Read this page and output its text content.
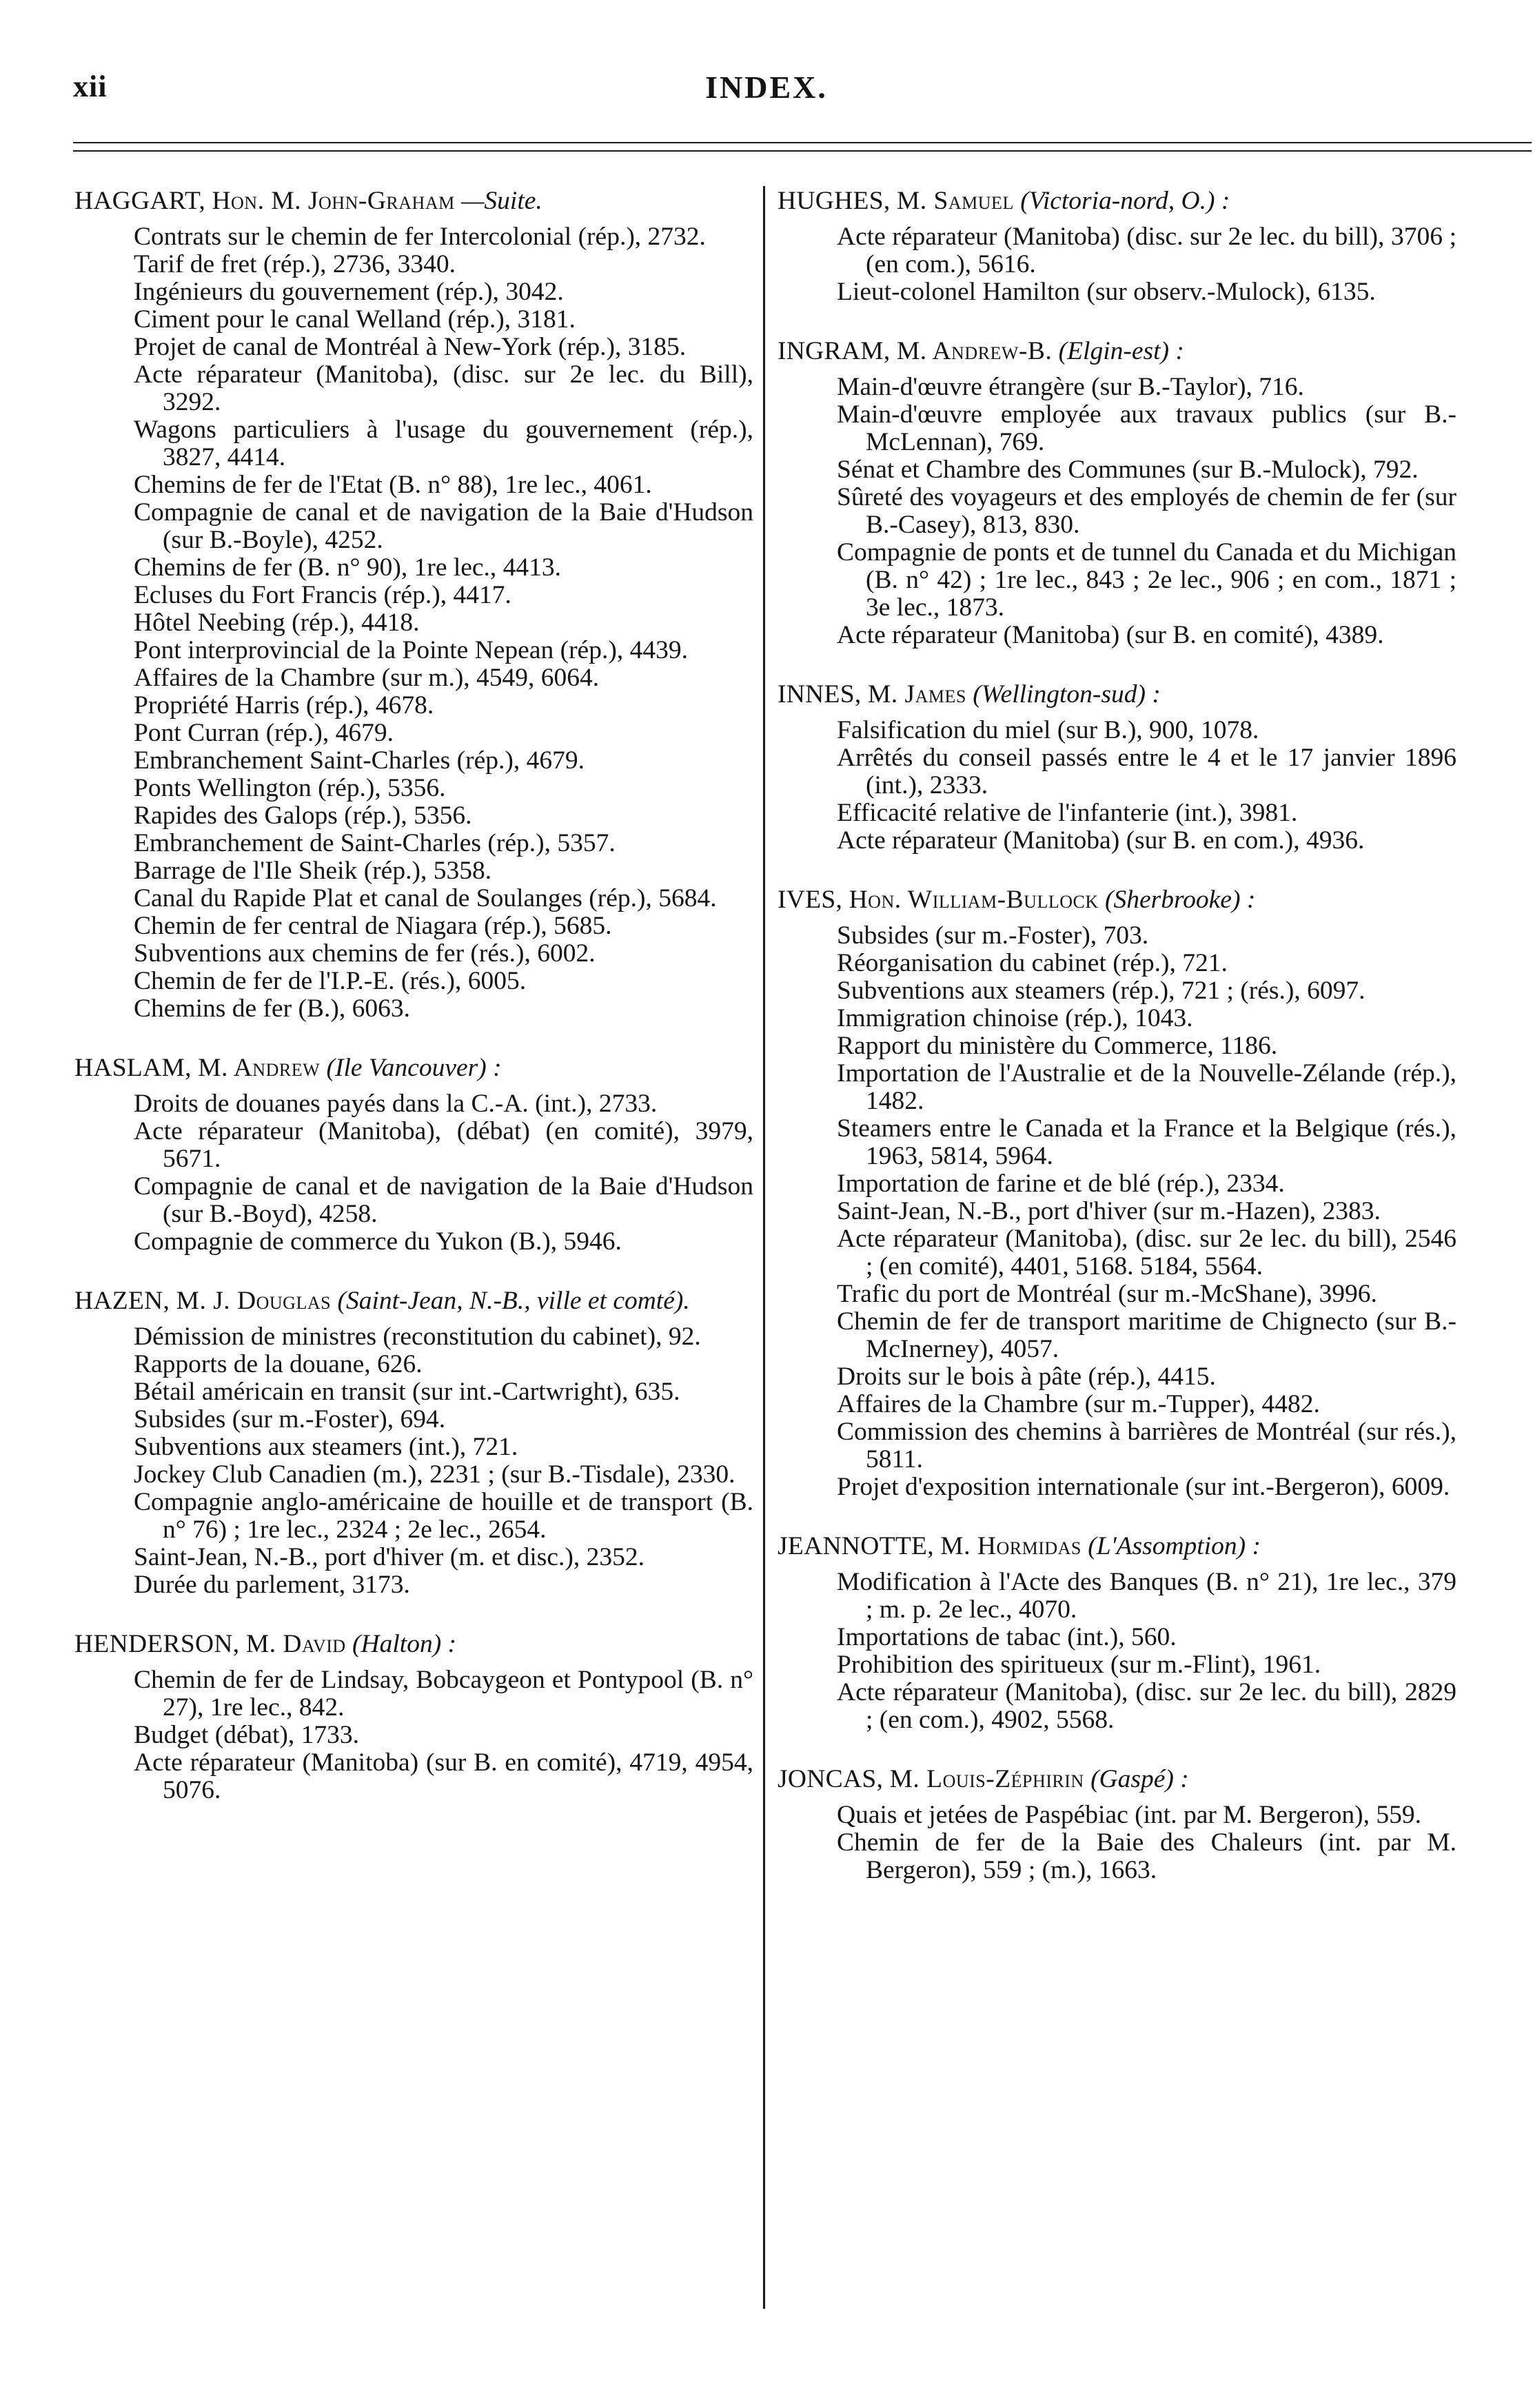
xii	INDEX.
HAGGART, Hon. M. John-Graham —Suite.
Contrats sur le chemin de fer Intercolonial (rép.), 2732.
Tarif de fret (rép.), 2736, 3340.
Ingénieurs du gouvernement (rép.), 3042.
Ciment pour le canal Welland (rép.), 3181.
Projet de canal de Montréal à New-York (rép.), 3185.
Acte réparateur (Manitoba), (disc. sur 2e lec. du Bill), 3292.
Wagons particuliers à l'usage du gouvernement (rép.), 3827, 4414.
Chemins de fer de l'Etat (B. n° 88), 1re lec., 4061.
Compagnie de canal et de navigation de la Baie d'Hudson (sur B.-Boyle), 4252.
Chemins de fer (B. n° 90), 1re lec., 4413.
Ecluses du Fort Francis (rép.), 4417.
Hôtel Neebing (rép.), 4418.
Pont interprovincial de la Pointe Nepean (rép.), 4439.
Affaires de la Chambre (sur m.), 4549, 6064.
Propriété Harris (rép.), 4678.
Pont Curran (rép.), 4679.
Embranchement Saint-Charles (rép.), 4679.
Ponts Wellington (rép.), 5356.
Rapides des Galops (rép.), 5356.
Embranchement de Saint-Charles (rép.), 5357.
Barrage de l'Ile Sheik (rép.), 5358.
Canal du Rapide Plat et canal de Soulanges (rép.), 5684.
Chemin de fer central de Niagara (rép.), 5685.
Subventions aux chemins de fer (rés.), 6002.
Chemin de fer de l'I.P.-E. (rés.), 6005.
Chemins de fer (B.), 6063.
HASLAM, M. Andrew (Ile Vancouver) :
Droits de douanes payés dans la C.-A. (int.), 2733.
Acte réparateur (Manitoba), (débat) (en comité), 3979, 5671.
Compagnie de canal et de navigation de la Baie d'Hudson (sur B.-Boyd), 4258.
Compagnie de commerce du Yukon (B.), 5946.
HAZEN, M. J. Douglas (Saint-Jean, N.-B., ville et comté).
Démission de ministres (reconstitution du cabinet), 92.
Rapports de la douane, 626.
Bétail américain en transit (sur int.-Cartwright), 635.
Subsides (sur m.-Foster), 694.
Subventions aux steamers (int.), 721.
Jockey Club Canadien (m.), 2231 ; (sur B.-Tisdale), 2330.
Compagnie anglo-américaine de houille et de transport (B. n° 76) ; 1re lec., 2324 ; 2e lec., 2654.
Saint-Jean, N.-B., port d'hiver (m. et disc.), 2352.
Durée du parlement, 3173.
HENDERSON, M. David (Halton) :
Chemin de fer de Lindsay, Bobcaygeon et Pontypool (B. n° 27), 1re lec., 842.
Budget (débat), 1733.
Acte réparateur (Manitoba) (sur B. en comité), 4719, 4954, 5076.
HUGHES, M. Samuel (Victoria-nord, O.) :
Acte réparateur (Manitoba) (disc. sur 2e lec. du bill), 3706 ; (en com.), 5616.
Lieut-colonel Hamilton (sur observ.-Mulock), 6135.
INGRAM, M. Andrew-B. (Elgin-est) :
Main-d'œuvre étrangère (sur B.-Taylor), 716.
Main-d'œuvre employée aux travaux publics (sur B.-McLennan), 769.
Sénat et Chambre des Communes (sur B.-Mulock), 792.
Sûreté des voyageurs et des employés de chemin de fer (sur B.-Casey), 813, 830.
Compagnie de ponts et de tunnel du Canada et du Michigan (B. n° 42) ; 1re lec., 843 ; 2e lec., 906 ; en com., 1871 ; 3e lec., 1873.
Acte réparateur (Manitoba) (sur B. en comité), 4389.
INNES, M. James (Wellington-sud) :
Falsification du miel (sur B.), 900, 1078.
Arrêtés du conseil passés entre le 4 et le 17 janvier 1896 (int.), 2333.
Efficacité relative de l'infanterie (int.), 3981.
Acte réparateur (Manitoba) (sur B. en com.), 4936.
IVES, Hon. William-Bullock (Sherbrooke) :
Subsides (sur m.-Foster), 703.
Réorganisation du cabinet (rép.), 721.
Subventions aux steamers (rép.), 721 ; (rés.), 6097.
Immigration chinoise (rép.), 1043.
Rapport du ministère du Commerce, 1186.
Importation de l'Australie et de la Nouvelle-Zélande (rép.), 1482.
Steamers entre le Canada et la France et la Belgique (rés.), 1963, 5814, 5964.
Importation de farine et de blé (rép.), 2334.
Saint-Jean, N.-B., port d'hiver (sur m.-Hazen), 2383.
Acte réparateur (Manitoba), (disc. sur 2e lec. du bill), 2546 ; (en comité), 4401, 5168. 5184, 5564.
Trafic du port de Montréal (sur m.-McShane), 3996.
Chemin de fer de transport maritime de Chignecto (sur B.-McInerney), 4057.
Droits sur le bois à pâte (rép.), 4415.
Affaires de la Chambre (sur m.-Tupper), 4482.
Commission des chemins à barrières de Montréal (sur rés.), 5811.
Projet d'exposition internationale (sur int.-Bergeron), 6009.
JEANNOTTE, M. Hormidas (L'Assomption) :
Modification à l'Acte des Banques (B. n° 21), 1re lec., 379 ; m. p. 2e lec., 4070.
Importations de tabac (int.), 560.
Prohibition des spiritueux (sur m.-Flint), 1961.
Acte réparateur (Manitoba), (disc. sur 2e lec. du bill), 2829 ; (en com.), 4902, 5568.
JONCAS, M. Louis-Zéphirin (Gaspé) :
Quais et jetées de Paspébiac (int. par M. Bergeron), 559.
Chemin de fer de la Baie des Chaleurs (int. par M. Bergeron), 559 ; (m.), 1663.
